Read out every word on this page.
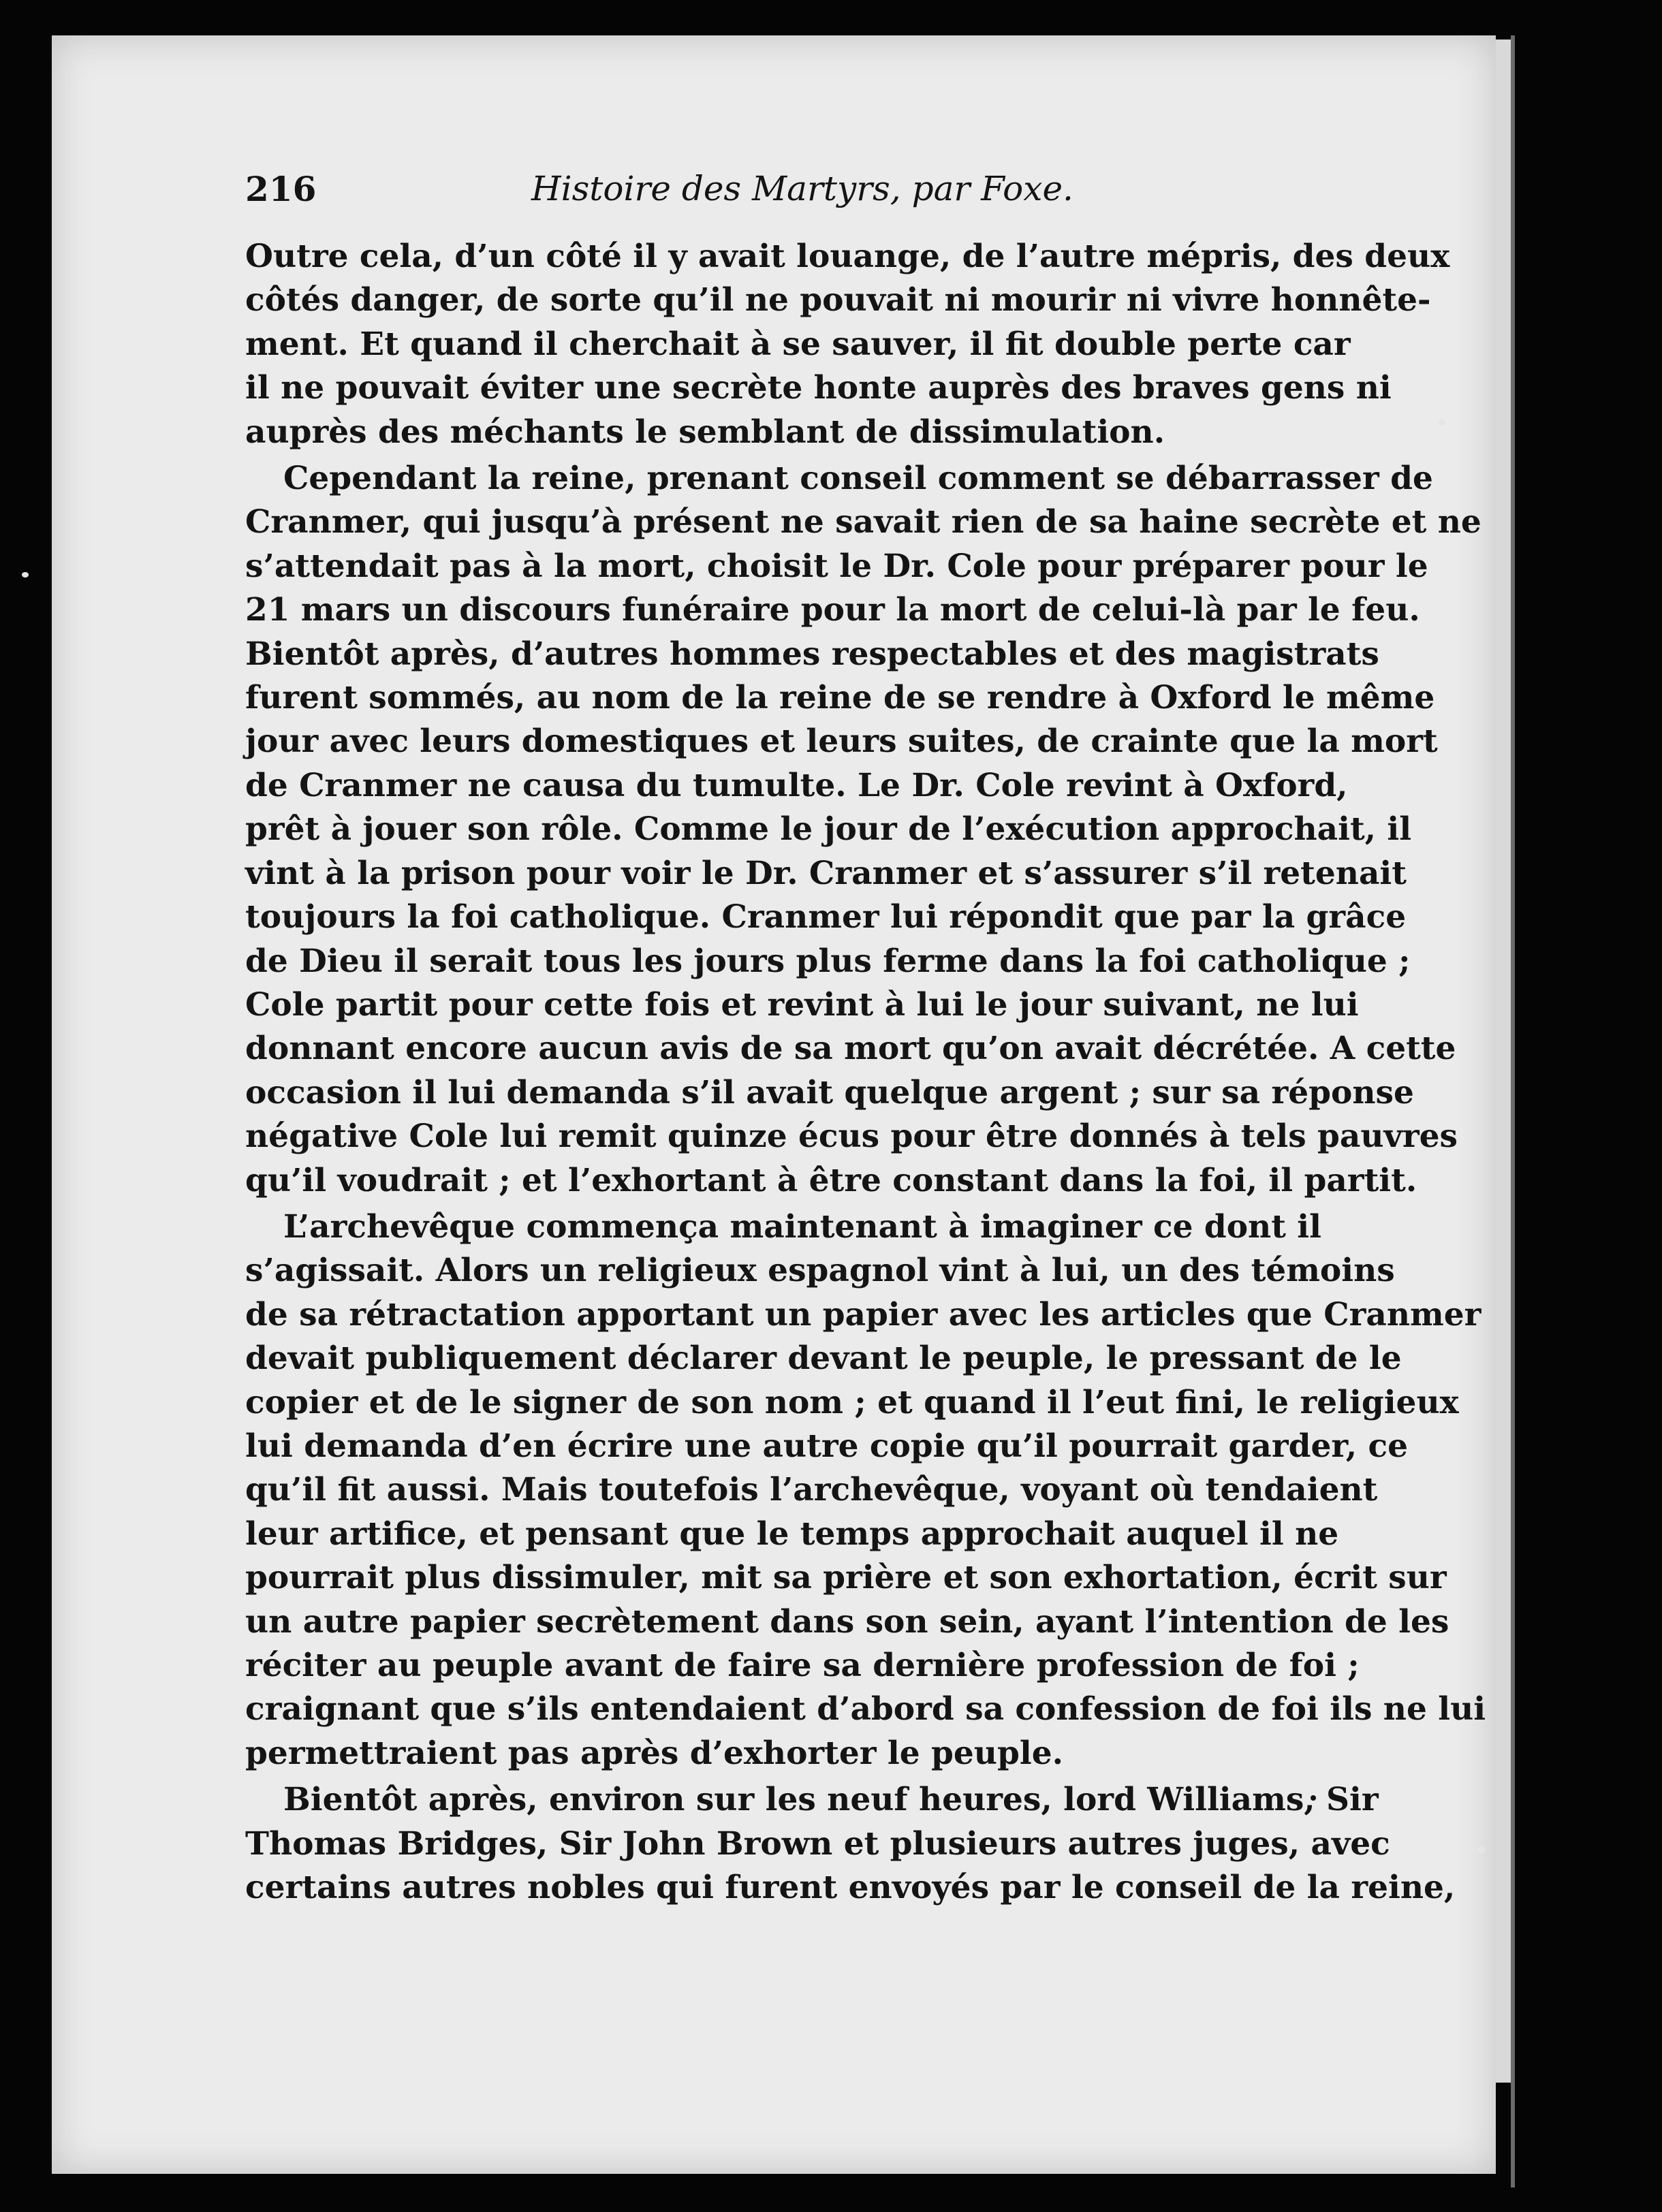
216	Histoire des Martyrs, par Foxe.

Outre cela, d’un côté il y avait louange, de l’autre mépris, des deux
côtés danger, de sorte qu’il ne pouvait ni mourir ni vivre honnête-
ment. Et quand il cherchait à se sauver, il fit double perte car
il ne pouvait éviter une secrète honte auprès des braves gens ni
auprès des méchants le semblant de dissimulation.

Cependant la reine, prenant conseil comment se débarrasser de
Cranmer, qui jusqu’à présent ne savait rien de sa haine secrète et ne
s’attendait pas à la mort, choisit le Dr. Cole pour préparer pour le
21 mars un discours funéraire pour la mort de celui-là par le feu.
Bientôt après, d’autres hommes respectables et des magistrats
furent sommés, au nom de la reine de se rendre à Oxford le même
jour avec leurs domestiques et leurs suites, de crainte que la mort
de Cranmer ne causa du tumulte. Le Dr. Cole revint à Oxford,
prêt à jouer son rôle. Comme le jour de l’exécution approchait, il
vint à la prison pour voir le Dr. Cranmer et s’assurer s’il retenait
toujours la foi catholique. Cranmer lui répondit que par la grâce
de Dieu il serait tous les jours plus ferme dans la foi catholique ;
Cole partit pour cette fois et revint à lui le jour suivant, ne lui
donnant encore aucun avis de sa mort qu’on avait décrétée. A cette
occasion il lui demanda s’il avait quelque argent ; sur sa réponse
négative Cole lui remit quinze écus pour être donnés à tels pauvres
qu’il voudrait ; et l’exhortant à être constant dans la foi, il partit.

L’archevêque commença maintenant à imaginer ce dont il
s’agissait. Alors un religieux espagnol vint à lui, un des témoins
de sa rétractation apportant un papier avec les articles que Cranmer
devait publiquement déclarer devant le peuple, le pressant de le
copier et de le signer de son nom ; et quand il l’eut fini, le religieux
lui demanda d’en écrire une autre copie qu’il pourrait garder, ce
qu’il fit aussi. Mais toutefois l’archevêque, voyant où tendaient
leur artifice, et pensant que le temps approchait auquel il ne
pourrait plus dissimuler, mit sa prière et son exhortation, écrit sur
un autre papier secrètement dans son sein, ayant l’intention de les
réciter au peuple avant de faire sa dernière profession de foi ;
craignant que s’ils entendaient d’abord sa confession de foi ils ne lui
permettraient pas après d’exhorter le peuple.

Bientôt après, environ sur les neuf heures, lord Williams, Sir
Thomas Bridges, Sir John Brown et plusieurs autres juges, avec
certains autres nobles qui furent envoyés par le conseil de la reine,
